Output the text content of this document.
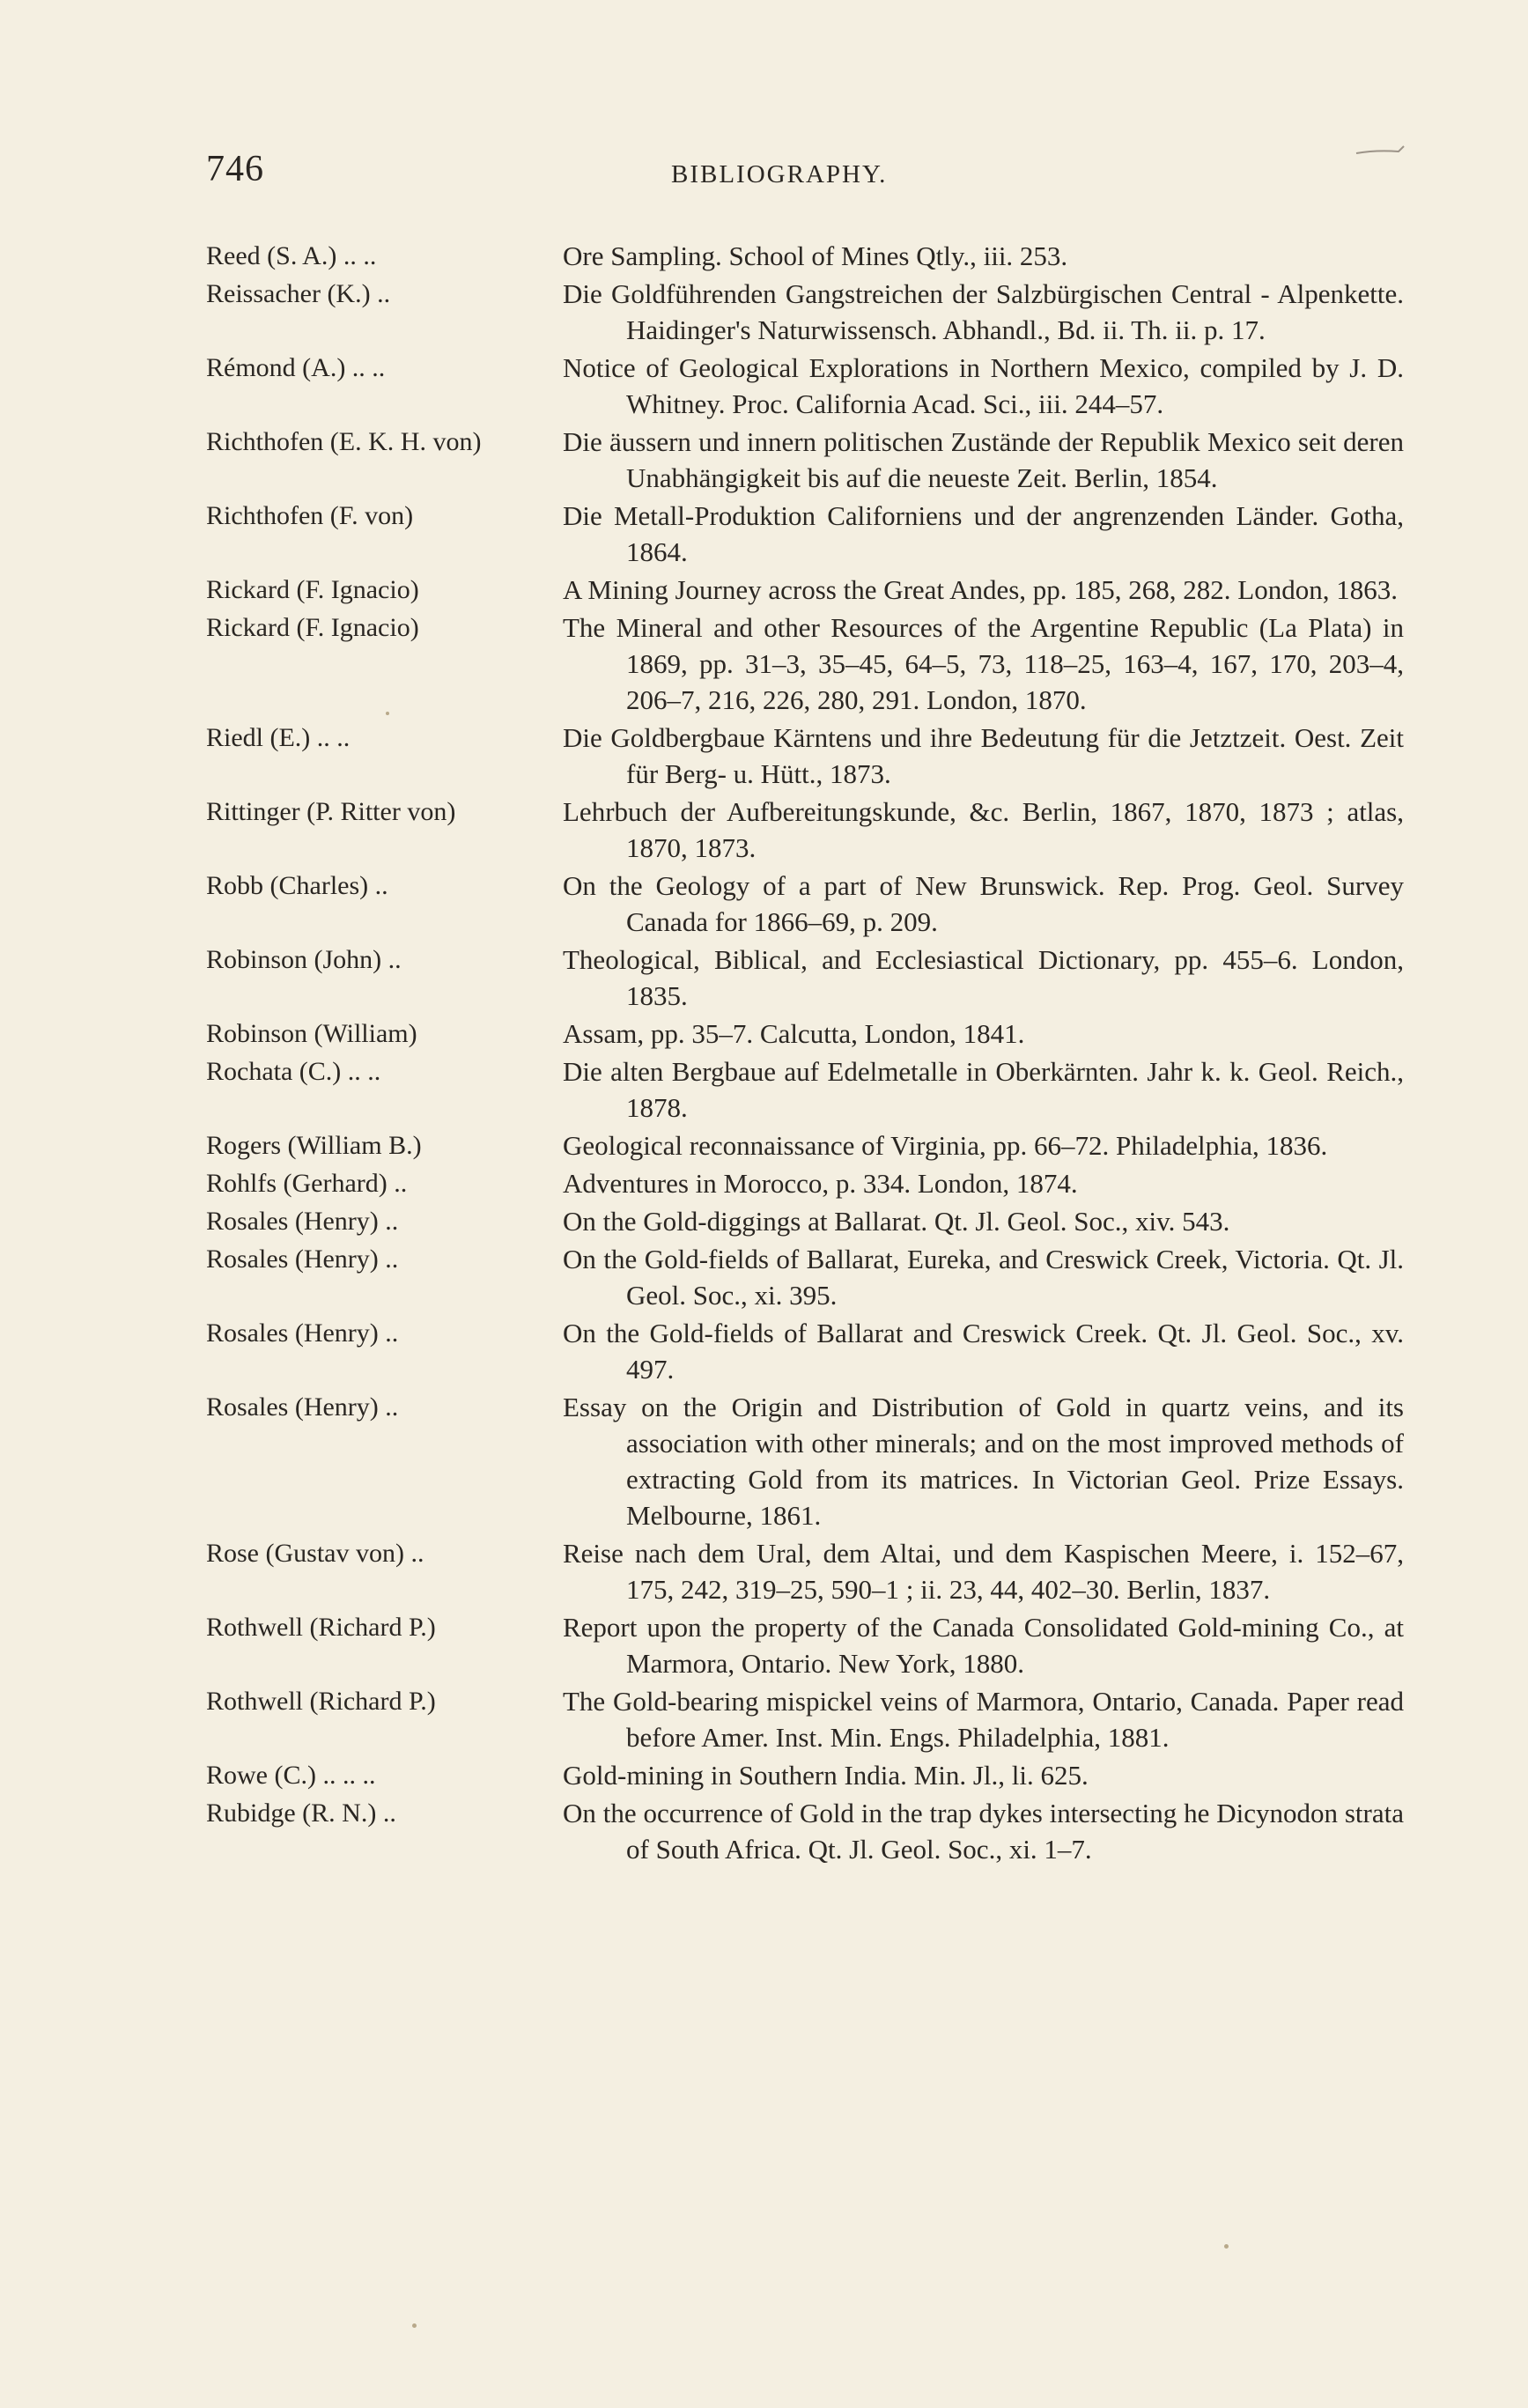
746	BIBLIOGRAPHY.
Reed (S. A.) .. ..	Ore Sampling. School of Mines Qtly., iii. 253.
Reissacher (K.) ..	Die Goldführenden Gangstreichen der Salzbürgischen Central - Alpenkette. Haidinger's Naturwissensch. Abhandl., Bd. ii. Th. ii. p. 17.
Rémond (A.) .. ..	Notice of Geological Explorations in Northern Mexico, compiled by J. D. Whitney. Proc. California Acad. Sci., iii. 244–57.
Richthofen (E. K. H. von)	Die äussern und innern politischen Zustände der Republik Mexico seit deren Unabhängigkeit bis auf die neueste Zeit. Berlin, 1854.
Richthofen (F. von)	Die Metall-Produktion Californiens und der angrenzenden Länder. Gotha, 1864.
Rickard (F. Ignacio)	A Mining Journey across the Great Andes, pp. 185, 268, 282. London, 1863.
Rickard (F. Ignacio)	The Mineral and other Resources of the Argentine Republic (La Plata) in 1869, pp. 31–3, 35–45, 64–5, 73, 118–25, 163–4, 167, 170, 203–4, 206–7, 216, 226, 280, 291. London, 1870.
Riedl (E.) .. ..	Die Goldbergbaue Kärntens und ihre Bedeutung für die Jetztzeit. Oest. Zeit für Berg- u. Hütt., 1873.
Rittinger (P. Ritter von)	Lehrbuch der Aufbereitungskunde, &c. Berlin, 1867, 1870, 1873 ; atlas, 1870, 1873.
Robb (Charles) ..	On the Geology of a part of New Brunswick. Rep. Prog. Geol. Survey Canada for 1866–69, p. 209.
Robinson (John) ..	Theological, Biblical, and Ecclesiastical Dictionary, pp. 455–6. London, 1835.
Robinson (William)	Assam, pp. 35–7. Calcutta, London, 1841.
Rochata (C.) .. ..	Die alten Bergbaue auf Edelmetalle in Oberkärnten. Jahr k. k. Geol. Reich., 1878.
Rogers (William B.)	Geological reconnaissance of Virginia, pp. 66–72. Philadelphia, 1836.
Rohlfs (Gerhard) ..	Adventures in Morocco, p. 334. London, 1874.
Rosales (Henry) ..	On the Gold-diggings at Ballarat. Qt. Jl. Geol. Soc., xiv. 543.
Rosales (Henry) ..	On the Gold-fields of Ballarat, Eureka, and Creswick Creek, Victoria. Qt. Jl. Geol. Soc., xi. 395.
Rosales (Henry) ..	On the Gold-fields of Ballarat and Creswick Creek. Qt. Jl. Geol. Soc., xv. 497.
Rosales (Henry) ..	Essay on the Origin and Distribution of Gold in quartz veins, and its association with other minerals; and on the most improved methods of extracting Gold from its matrices. In Victorian Geol. Prize Essays. Melbourne, 1861.
Rose (Gustav von) ..	Reise nach dem Ural, dem Altai, und dem Kaspischen Meere, i. 152–67, 175, 242, 319–25, 590–1 ; ii. 23, 44, 402–30. Berlin, 1837.
Rothwell (Richard P.)	Report upon the property of the Canada Consolidated Gold-mining Co., at Marmora, Ontario. New York, 1880.
Rothwell (Richard P.)	The Gold-bearing mispickel veins of Marmora, Ontario, Canada. Paper read before Amer. Inst. Min. Engs. Philadelphia, 1881.
Rowe (C.) .. .. ..	Gold-mining in Southern India. Min. Jl., li. 625.
Rubidge (R. N.) ..	On the occurrence of Gold in the trap dykes intersecting he Dicynodon strata of South Africa. Qt. Jl. Geol. Soc., xi. 1–7.
